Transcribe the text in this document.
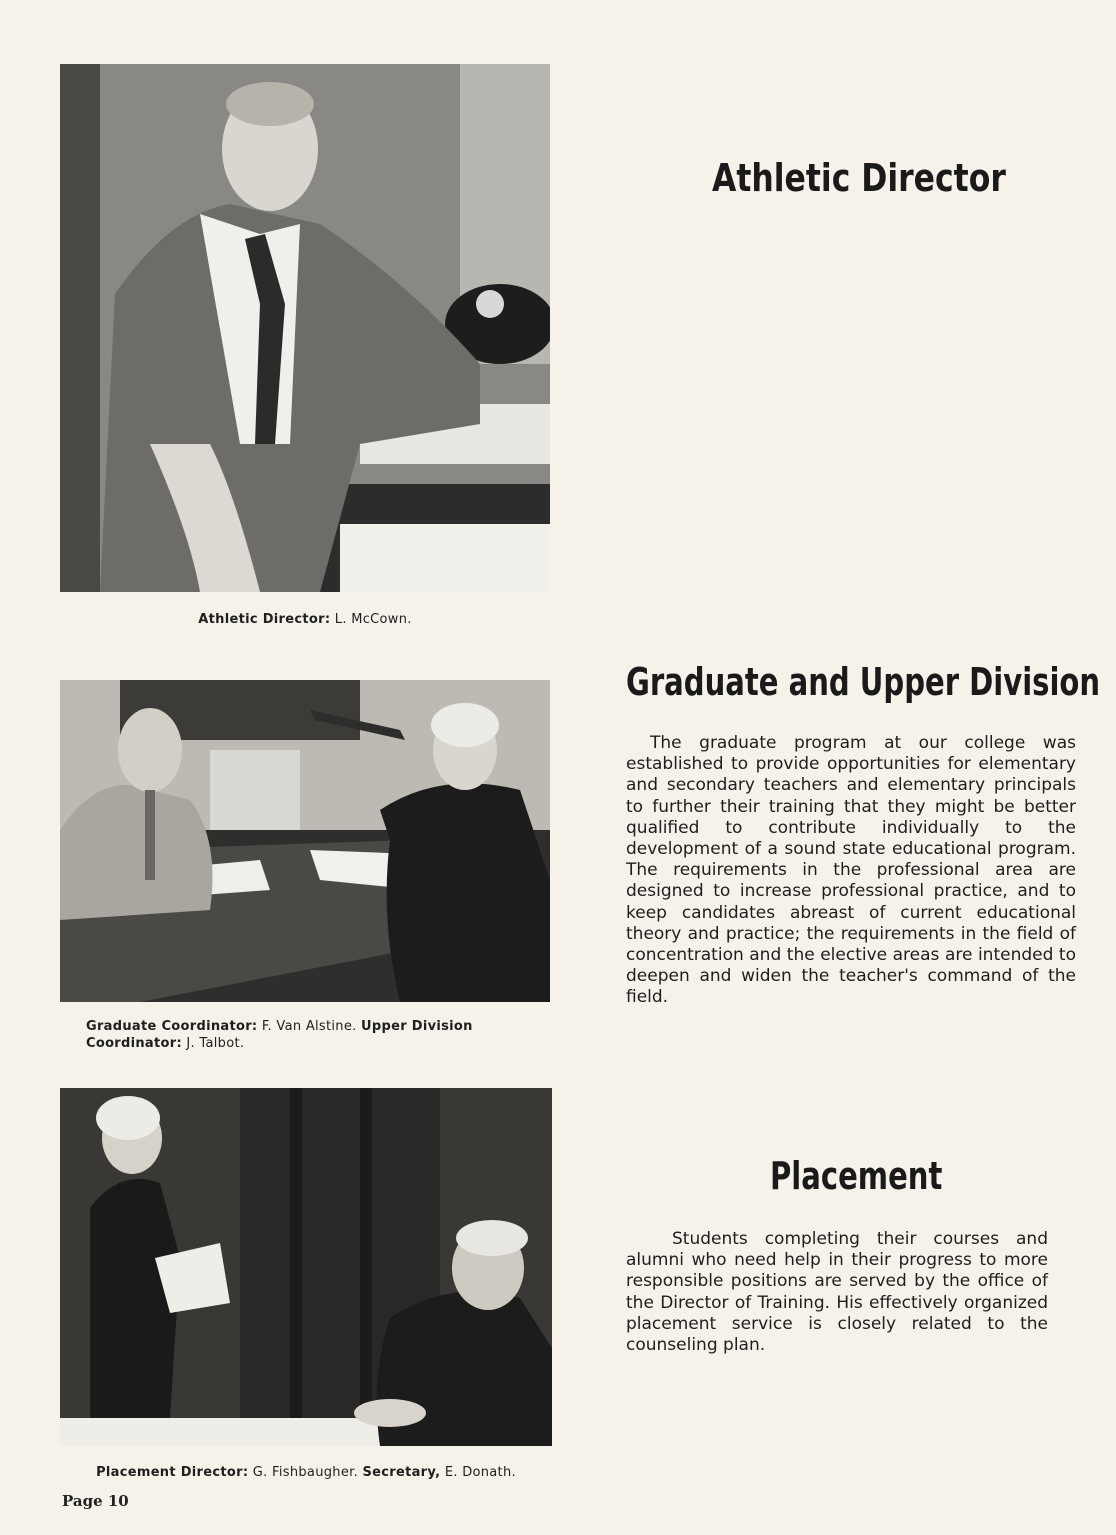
Athletic Director: L. McCown.
Athletic Director
Graduate Coordinator: F. Van Alstine. Upper Division Coordinator: J. Talbot.
Graduate and Upper Division
The graduate program at our college was established to provide opportunities for elementary and secondary teachers and elementary principals to further their training that they might be better qualified to contribute individually to the development of a sound state educational program. The requirements in the professional area are designed to increase professional practice, and to keep candidates abreast of current educational theory and practice; the requirements in the field of concentration and the elective areas are intended to deepen and widen the teacher's command of the field.
Placement Director: G. Fishbaugher. Secretary, E. Donath.
Placement
Students completing their courses and alumni who need help in their progress to more responsible positions are served by the office of the Director of Training. His effectively organized placement service is closely related to the counseling plan.
Page 10
